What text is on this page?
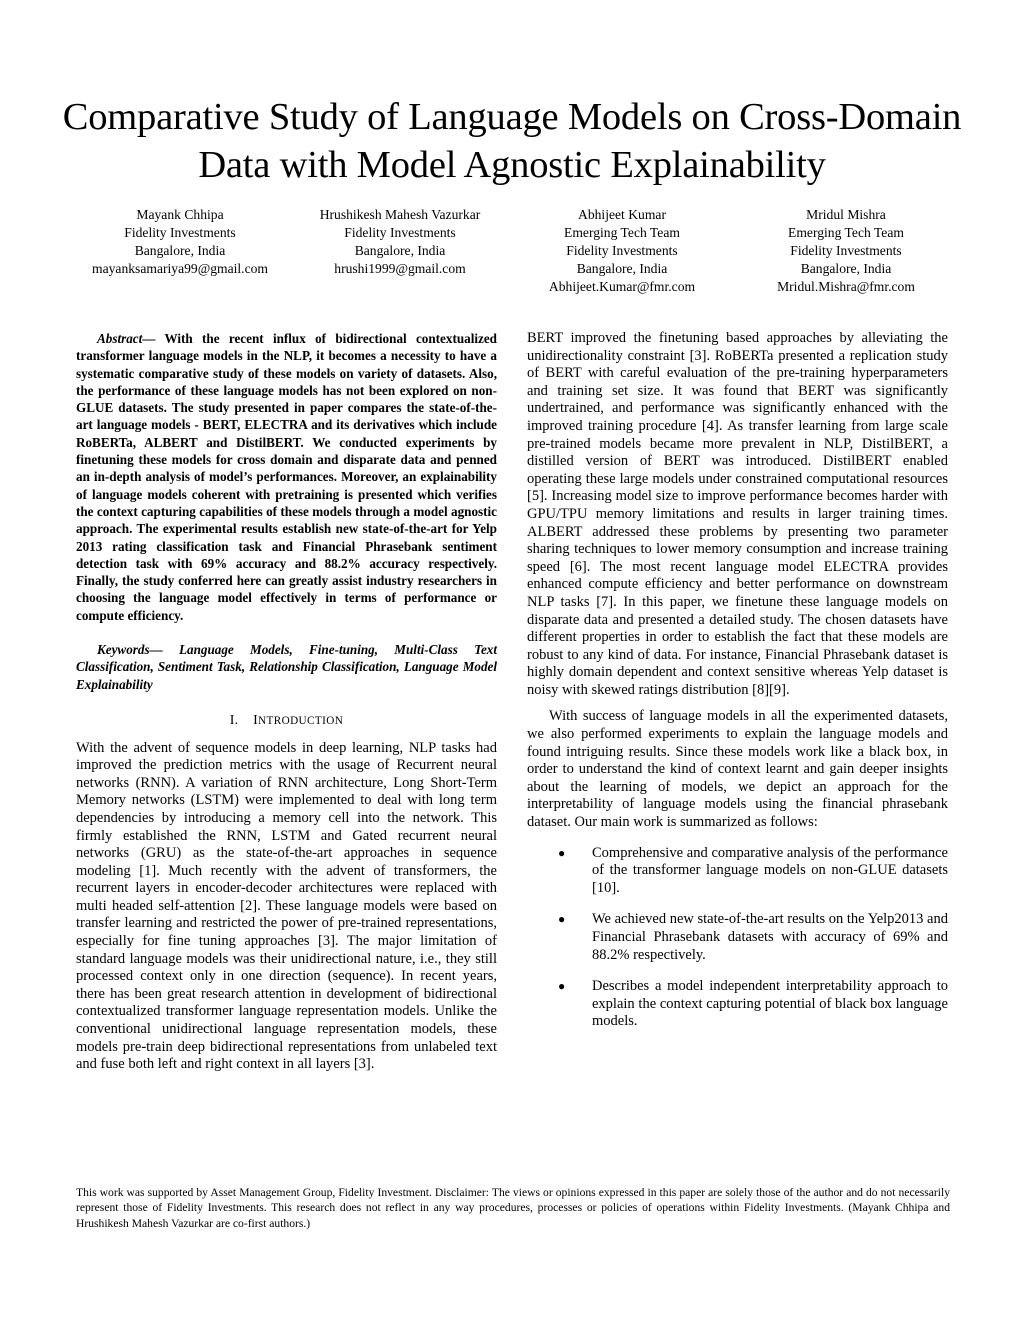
Comparative Study of Language Models on Cross-Domain Data with Model Agnostic Explainability
Mayank Chhipa
Fidelity Investments
Bangalore, India
mayanksamariya99@gmail.com
Hrushikesh Mahesh Vazurkar
Fidelity Investments
Bangalore, India
hrushi1999@gmail.com
Abhijeet Kumar
Emerging Tech Team
Fidelity Investments
Bangalore, India
Abhijeet.Kumar@fmr.com
Mridul Mishra
Emerging Tech Team
Fidelity Investments
Bangalore, India
Mridul.Mishra@fmr.com

Abstract— With the recent influx of bidirectional contextualized transformer language models in the NLP, it becomes a necessity to have a systematic comparative study of these models on variety of datasets. Also, the performance of these language models has not been explored on non-GLUE datasets. The study presented in paper compares the state-of-the-art language models - BERT, ELECTRA and its derivatives which include RoBERTa, ALBERT and DistilBERT. We conducted experiments by finetuning these models for cross domain and disparate data and penned an in-depth analysis of model’s performances. Moreover, an explainability of language models coherent with pretraining is presented which verifies the context capturing capabilities of these models through a model agnostic approach. The experimental results establish new state-of-the-art for Yelp 2013 rating classification task and Financial Phrasebank sentiment detection task with 69% accuracy and 88.2% accuracy respectively. Finally, the study conferred here can greatly assist industry researchers in choosing the language model effectively in terms of performance or compute efficiency.

Keywords— Language Models, Fine-tuning, Multi-Class Text Classification, Sentiment Task, Relationship Classification, Language Model Explainability

I. INTRODUCTION

With the advent of sequence models in deep learning, NLP tasks had improved the prediction metrics with the usage of Recurrent neural networks (RNN). A variation of RNN architecture, Long Short-Term Memory networks (LSTM) were implemented to deal with long term dependencies by introducing a memory cell into the network. This firmly established the RNN, LSTM and Gated recurrent neural networks (GRU) as the state-of-the-art approaches in sequence modeling [1]. Much recently with the advent of transformers, the recurrent layers in encoder-decoder architectures were replaced with multi headed self-attention [2]. These language models were based on transfer learning and restricted the power of pre-trained representations, especially for fine tuning approaches [3]. The major limitation of standard language models was their unidirectional nature, i.e., they still processed context only in one direction (sequence). In recent years, there has been great research attention in development of bidirectional contextualized transformer language representation models. Unlike the conventional unidirectional language representation models, these models pre-train deep bidirectional representations from unlabeled text and fuse both left and right context in all layers [3].

BERT improved the finetuning based approaches by alleviating the unidirectionality constraint [3]. RoBERTa presented a replication study of BERT with careful evaluation of the pre-training hyperparameters and training set size. It was found that BERT was significantly undertrained, and performance was significantly enhanced with the improved training procedure [4]. As transfer learning from large scale pre-trained models became more prevalent in NLP, DistilBERT, a distilled version of BERT was introduced. DistilBERT enabled operating these large models under constrained computational resources [5]. Increasing model size to improve performance becomes harder with GPU/TPU memory limitations and results in larger training times. ALBERT addressed these problems by presenting two parameter sharing techniques to lower memory consumption and increase training speed [6]. The most recent language model ELECTRA provides enhanced compute efficiency and better performance on downstream NLP tasks [7]. In this paper, we finetune these language models on disparate data and presented a detailed study. The chosen datasets have different properties in order to establish the fact that these models are robust to any kind of data. For instance, Financial Phrasebank dataset is highly domain dependent and context sensitive whereas Yelp dataset is noisy with skewed ratings distribution [8][9].

With success of language models in all the experimented datasets, we also performed experiments to explain the language models and found intriguing results. Since these models work like a black box, in order to understand the kind of context learnt and gain deeper insights about the learning of models, we depict an approach for the interpretability of language models using the financial phrasebank dataset. Our main work is summarized as follows:

● Comprehensive and comparative analysis of the performance of the transformer language models on non-GLUE datasets [10].
● We achieved new state-of-the-art results on the Yelp2013 and Financial Phrasebank datasets with accuracy of 69% and 88.2% respectively.
● Describes a model independent interpretability approach to explain the context capturing potential of black box language models.

This work was supported by Asset Management Group, Fidelity Investment. Disclaimer: The views or opinions expressed in this paper are solely those of the author and do not necessarily represent those of Fidelity Investments. This research does not reflect in any way procedures, processes or policies of operations within Fidelity Investments. (Mayank Chhipa and Hrushikesh Mahesh Vazurkar are co-first authors.)
